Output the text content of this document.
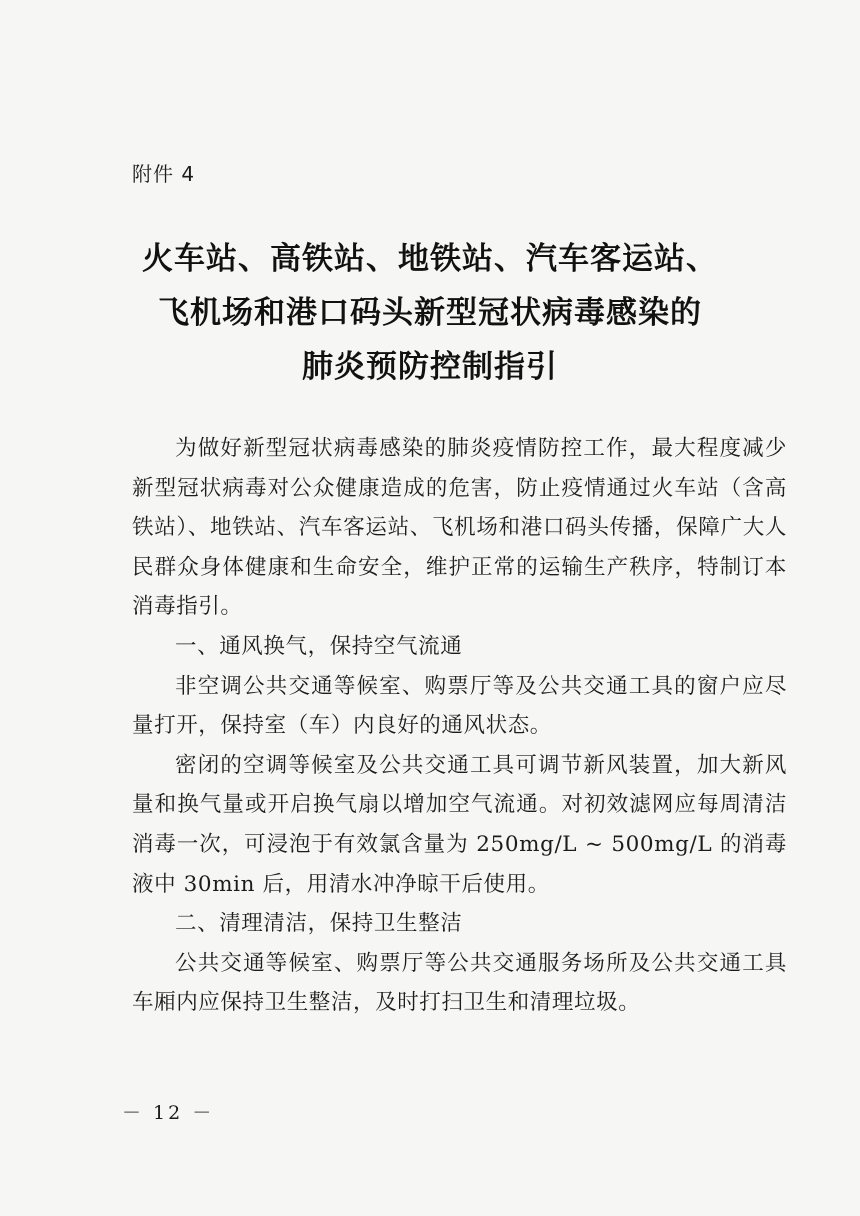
附件 4
火车站、高铁站、地铁站、汽车客运站、
飞机场和港口码头新型冠状病毒感染的
肺炎预防控制指引

为做好新型冠状病毒感染的肺炎疫情防控工作，最大程度减少新型冠状病毒对公众健康造成的危害，防止疫情通过火车站（含高铁站）、地铁站、汽车客运站、飞机场和港口码头传播，保障广大人民群众身体健康和生命安全，维护正常的运输生产秩序，特制订本消毒指引。

一、通风换气，保持空气流通

非空调公共交通等候室、购票厅等及公共交通工具的窗户应尽量打开，保持室（车）内良好的通风状态。

密闭的空调等候室及公共交通工具可调节新风装置，加大新风量和换气量或开启换气扇以增加空气流通。对初效滤网应每周清洁消毒一次，可浸泡于有效氯含量为 250mg/L ~ 500mg/L 的消毒液中 30min 后，用清水冲净晾干后使用。

二、清理清洁，保持卫生整洁

公共交通等候室、购票厅等公共交通服务场所及公共交通工具车厢内应保持卫生整洁，及时打扫卫生和清理垃圾。

－ 12 －
